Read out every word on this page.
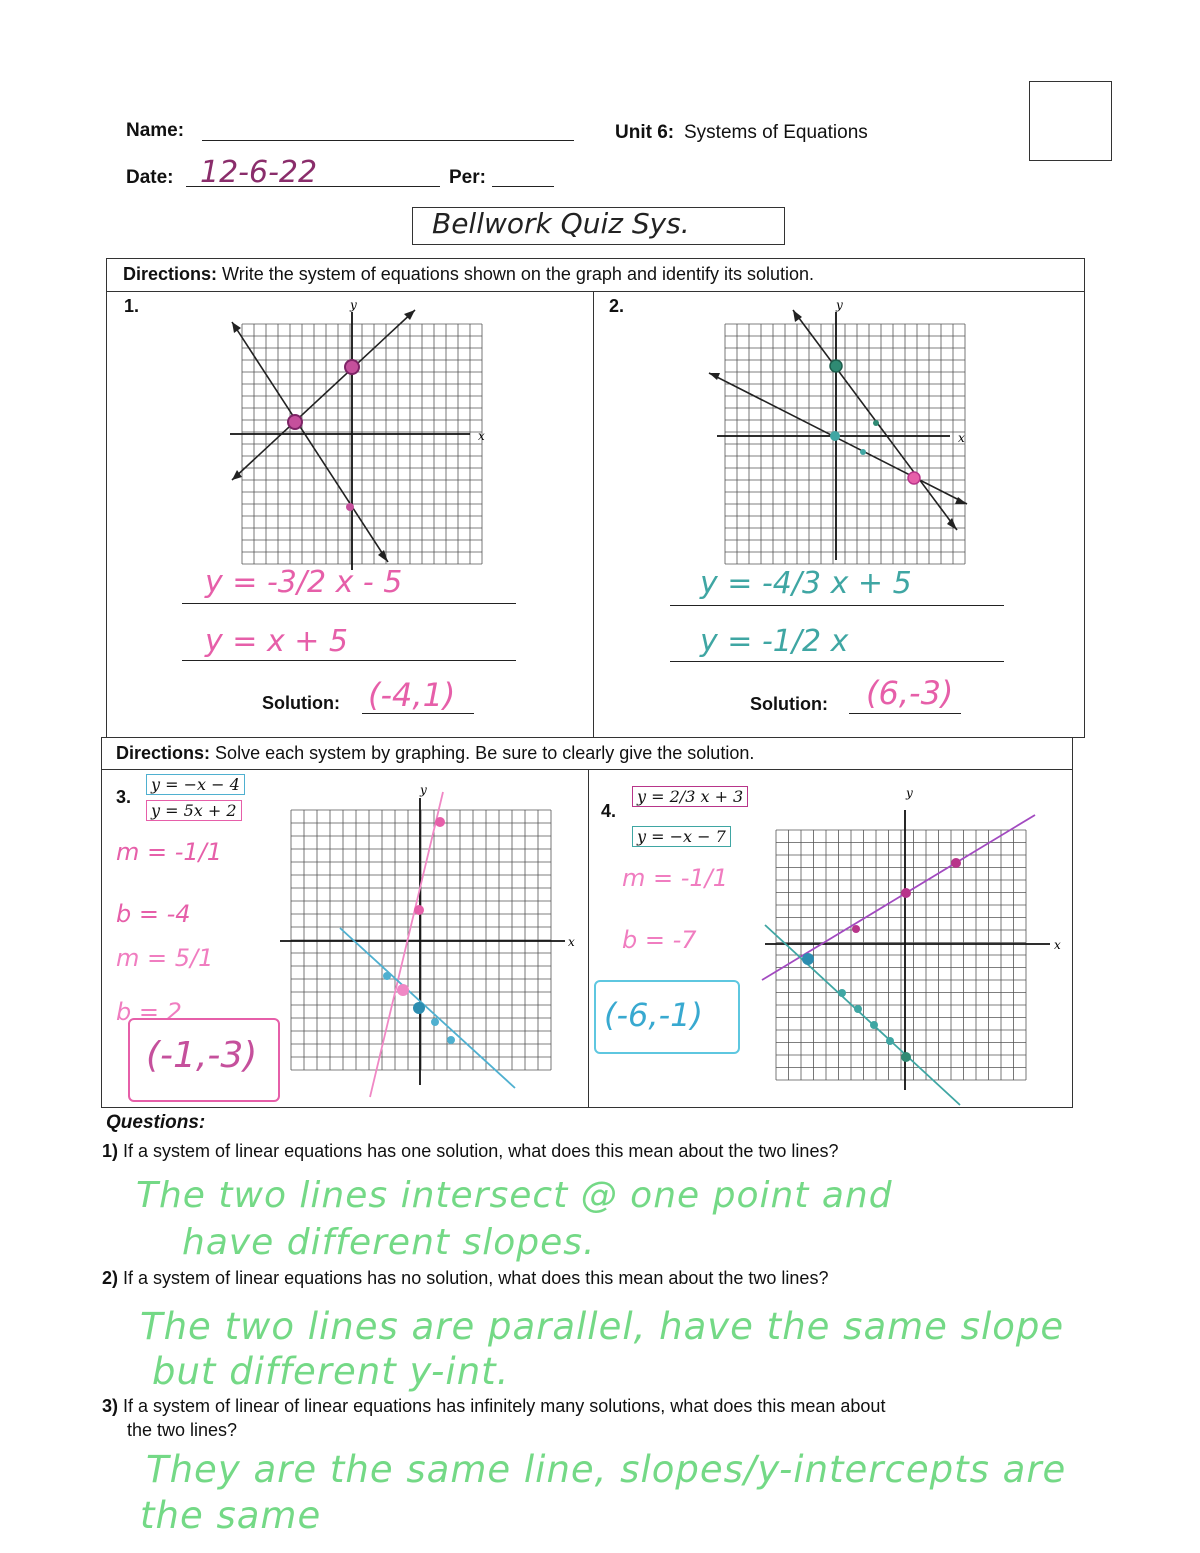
Name:
Date: 12-6-22	Per:
Unit 6: Systems of Equations
Bellwork Quiz Sys.
Directions: Write the system of equations shown on the graph and identify its solution.
1.	2.
y
x
y
x
y = -3/2 x - 5
y = x + 5
Solution: (-4,1)
y = -4/3 x + 5
y = -1/2 x
Solution: (6,-3)
Directions: Solve each system by graphing. Be sure to clearly give the solution.
3.
y = −x − 4
y = 5x + 2
m = -1/1
b = -4
m = 5/1
b = 2
(-1,-3)
y
x
4.
y = 2/3 x + 3
y = −x − 7
m = -1/1
b = -7
(-6,-1)
y
x
Questions:
1) If a system of linear equations has one solution, what does this mean about the two lines?
The two lines intersect @ one point and
have different slopes.
2) If a system of linear equations has no solution, what does this mean about the two lines?
The two lines are parallel, have the same slope
but different y-int.
3) If a system of linear of linear equations has infinitely many solutions, what does this mean about
the two lines?
They are the same line, slopes/y-intercepts are
the same
